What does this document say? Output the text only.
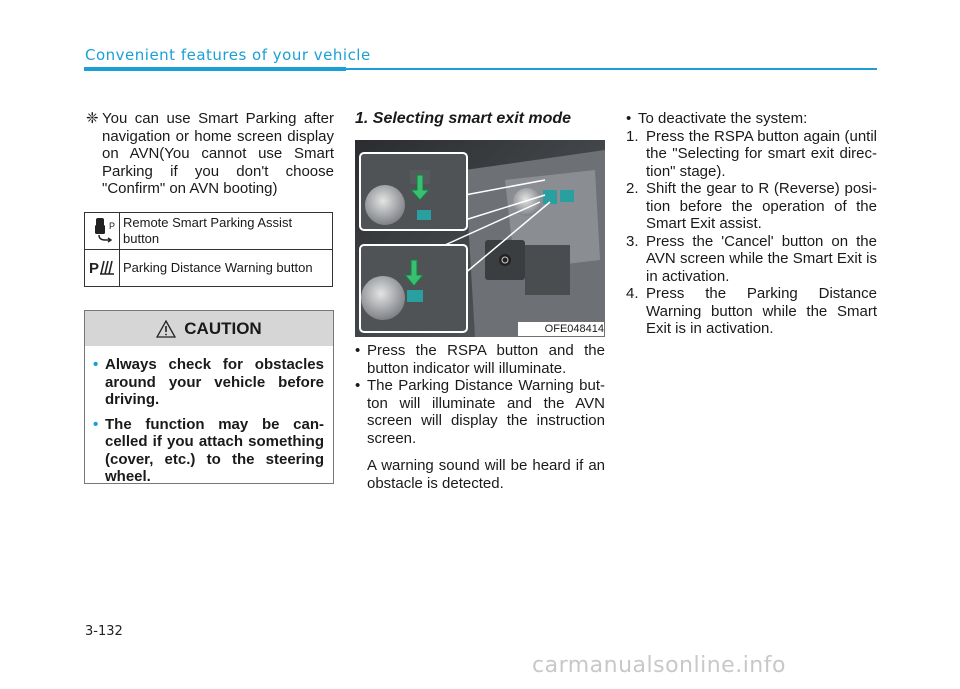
Convenient features of your vehicle
❈ You can use Smart Parking after navigation or home screen display on AVN(You cannot use Smart Parking if you don't choose "Confirm" on AVN booting)
P	Remote Smart Parking Assist button

P	Parking Distance Warning button
CAUTION
• Always check for obstacles around your vehicle before driving.
• The function may be can-celled if you attach something (cover, etc.) to the steering wheel.
1. Selecting smart exit mode
OFE048414
• Press the RSPA button and the button indicator will illuminate.
• The Parking Distance Warning but-ton will illuminate and the AVN screen will display the instruction screen.
A warning sound will be heard if an obstacle is detected.
• To deactivate the system:
1. Press the RSPA button again (until the "Selecting for smart exit direc-tion" stage).
2. Shift the gear to R (Reverse) posi-tion before the operation of the Smart Exit assist.
3. Press the 'Cancel' button on the AVN screen while the Smart Exit is in activation.
4. Press the Parking Distance Warning button while the Smart Exit is in activation.
3-132
carmanualsonline.info
